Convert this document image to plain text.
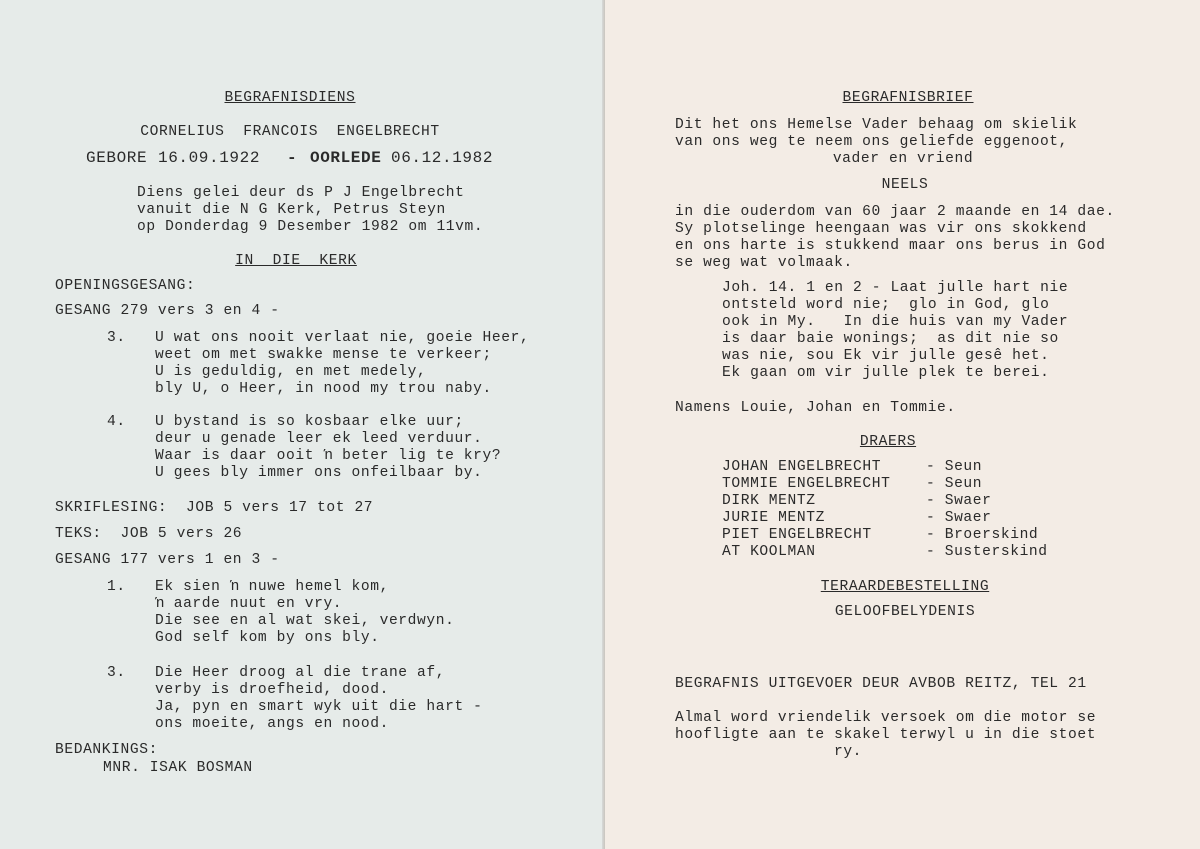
BEGRAFNISDIENS
CORNELIUS  FRANCOIS  ENGELBRECHT
GEBORE 16.09.1922 - OORLEDE 06.12.1982
Diens gelei deur ds P J Engelbrecht
vanuit die N G Kerk, Petrus Steyn
op Donderdag 9 Desember 1982 om 11vm.
IN  DIE  KERK
OPENINGSGESANG:
GESANG 279 vers 3 en 4 -
3. U wat ons nooit verlaat nie, goeie Heer,
weet om met swakke mense te verkeer;
U is geduldig, en met medely,
bly U, o Heer, in nood my trou naby.
4. U bystand is so kosbaar elke uur;
deur u genade leer ek leed verduur.
Waar is daar ooit ŉ beter lig te kry?
U gees bly immer ons onfeilbaar by.
SKRIFLESING:  JOB 5 vers 17 tot 27
TEKS:  JOB 5 vers 26
GESANG 177 vers 1 en 3 -
1. Ek sien ŉ nuwe hemel kom,
ŉ aarde nuut en vry.
Die see en al wat skei, verdwyn.
God self kom by ons bly.
3. Die Heer droog al die trane af,
verby is droefheid, dood.
Ja, pyn en smart wyk uit die hart -
ons moeite, angs en nood.
BEDANKINGS:
MNR. ISAK BOSMAN
BEGRAFNISBRIEF
Dit het ons Hemelse Vader behaag om skielik
van ons weg te neem ons geliefde eggenoot,
vader en vriend
NEELS
in die ouderdom van 60 jaar 2 maande en 14 dae.
Sy plotselinge heengaan was vir ons skokkend
en ons harte is stukkend maar ons berus in God
se weg wat volmaak.
Joh. 14. 1 en 2 - Laat julle hart nie
ontsteld word nie;  glo in God, glo
ook in My.   In die huis van my Vader
is daar baie wonings;  as dit nie so
was nie, sou Ek vir julle gesê het.
Ek gaan om vir julle plek te berei.
Namens Louie, Johan en Tommie.
DRAERS
JOHAN ENGELBRECHT	- Seun
TOMMIE ENGELBRECHT - Seun
DIRK MENTZ	- Swaer
JURIE MENTZ	- Swaer
PIET ENGELBRECHT	- Broerskind
AT KOOLMAN	- Susterskind
TERAARDEBESTELLING
GELOOFBELYDENIS
BEGRAFNIS UITGEVOER DEUR AVBOB REITZ, TEL 21
Almal word vriendelik versoek om die motor se
hoofligte aan te skakel terwyl u in die stoet
ry.
